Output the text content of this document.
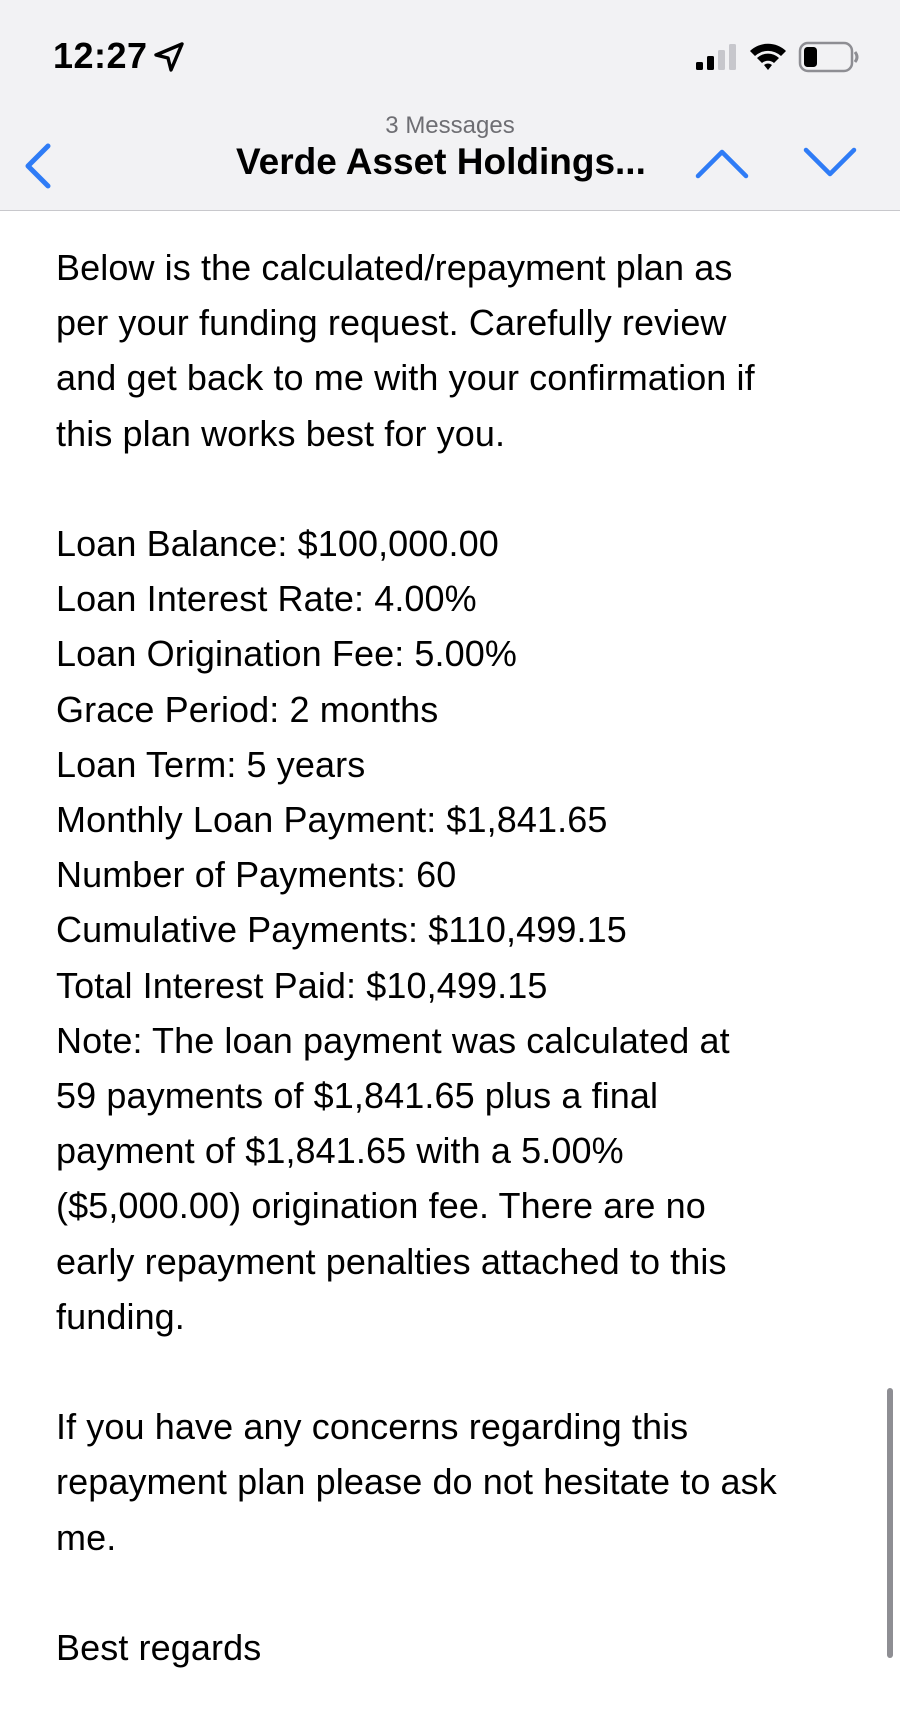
12:27
3 Messages
Verde Asset Holdings...

Below is the calculated/repayment plan as

per your funding request. Carefully review

and get back to me with your confirmation if

this plan works best for you.

Loan Balance: $100,000.00

Loan Interest Rate: 4.00%

Loan Origination Fee: 5.00%

Grace Period: 2 months

Loan Term: 5 years

Monthly Loan Payment: $1,841.65

Number of Payments: 60

Cumulative Payments: $110,499.15

Total Interest Paid: $10,499.15

Note: The loan payment was calculated at

59 payments of $1,841.65 plus a final

payment of $1,841.65 with a 5.00%

($5,000.00) origination fee. There are no

early repayment penalties attached to this

funding.

If you have any concerns regarding this

repayment plan please do not hesitate to ask

me.

Best regards
